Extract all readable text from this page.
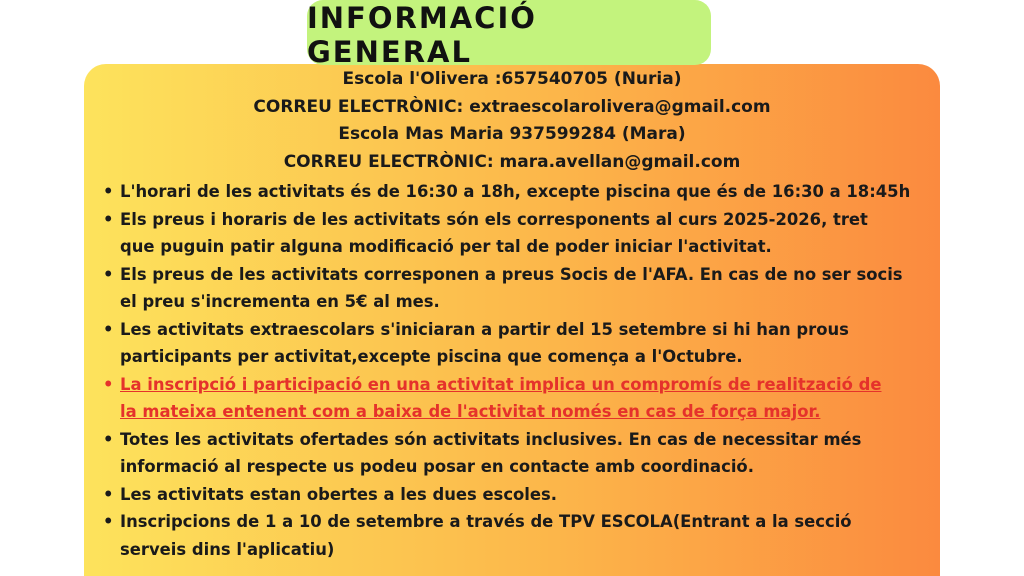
INFORMACIÓ GENERAL
Escola l'Olivera :657540705 (Nuria)
CORREU ELECTRÒNIC: extraescolarolivera@gmail.com
Escola Mas Maria 937599284 (Mara)
CORREU ELECTRÒNIC: mara.avellan@gmail.com
• L'horari de les activitats és de 16:30 a 18h, excepte piscina que és de 16:30 a 18:45h
• Els preus i horaris de les activitats són els corresponents al curs 2025-2026, tret
que puguin patir alguna modificació per tal de poder iniciar l'activitat.
• Els preus de les activitats corresponen a preus Socis de l'AFA. En cas de no ser socis
el preu s'incrementa en 5€ al mes.
• Les activitats extraescolars s'iniciaran a partir del 15 setembre si hi han prous
participants per activitat,excepte piscina que comença a l'Octubre.
• La inscripció i participació en una activitat implica un compromís de realització de
la mateixa entenent com a baixa de l'activitat només en cas de força major.
• Totes les activitats ofertades són activitats inclusives. En cas de necessitar més
informació al respecte us podeu posar en contacte amb coordinació.
• Les activitats estan obertes a les dues escoles.
• Inscripcions de 1 a 10 de setembre a través de TPV ESCOLA(Entrant a la secció
serveis dins l'aplicatiu)
